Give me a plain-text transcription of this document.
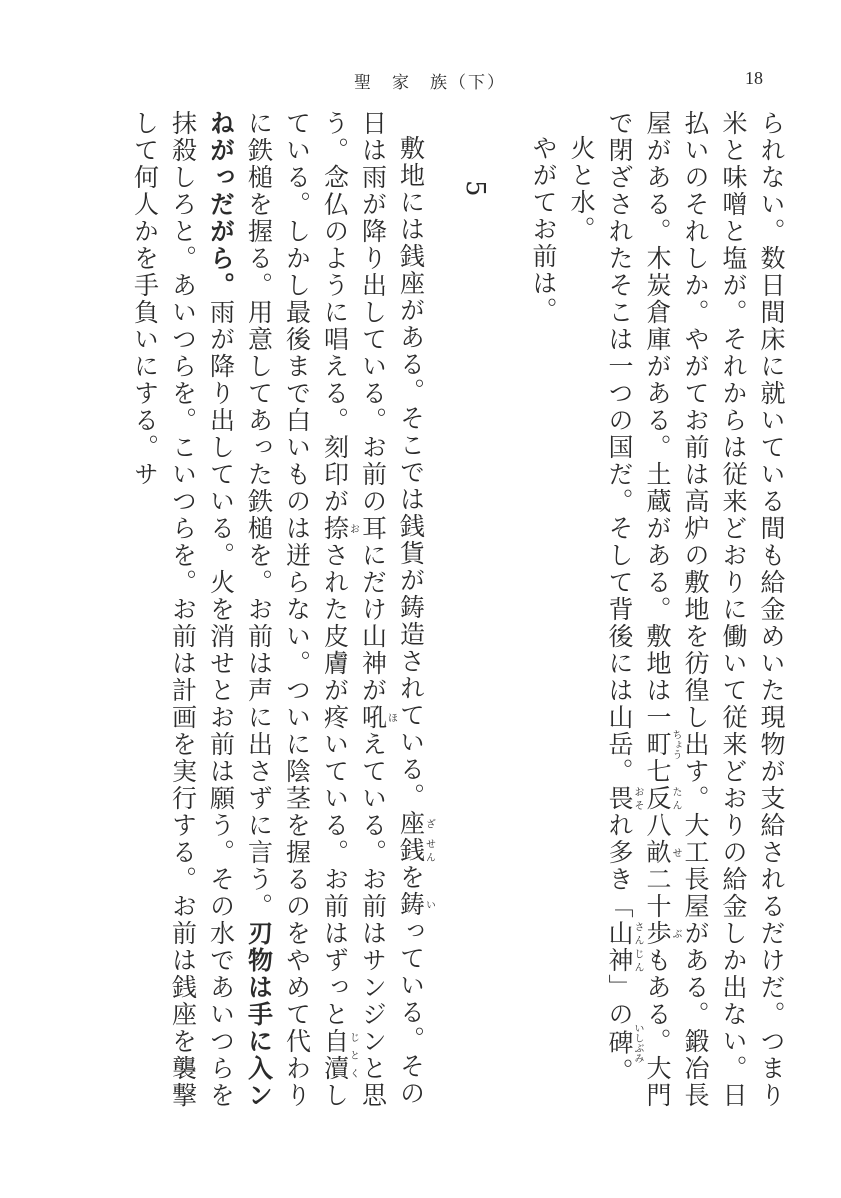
聖　家　族（下）	18

られない。数日間床に就いている間も給金めいた現物が支給されるだけだ。つまり米と味噌と塩が。それからは従来どおりに働いて従来どおりの給金しか出ない。日払いのそれしか。やがてお前は高炉の敷地を彷徨し出す。大工長屋がある。鍛冶長屋がある。木炭倉庫がある。土蔵がある。敷地は一町ちょう七反たん八畝せ二十歩ぶもある。大門で閉ざされたそこは一つの国だ。そして背後には山岳。畏おそれ多き「山神さんじん」の碑いしぶみ。

火と水。

やがてお前は。

5

敷地には銭座がある。そこでは銭貨が鋳造されている。座ざ銭せんを鋳いっている。その日は雨が降り出している。お前の耳にだけ山神が吼ほえている。お前はサンジンと思う。念仏のように唱える。刻印が捺おされた皮膚が疼いている。お前はずっと自瀆じとくしている。しかし最後まで白いものは迸らない。ついに陰茎を握るのをやめて代わりに鉄槌を握る。用意してあった鉄槌を。お前は声に出さずに言う。刃物は手に入ンねがっだがら。雨が降り出している。火を消せとお前は願う。その水であいつらを抹殺しろと。あいつらを。こいつらを。お前は計画を実行する。お前は銭座を襲撃して何人かを手負いにする。サ
